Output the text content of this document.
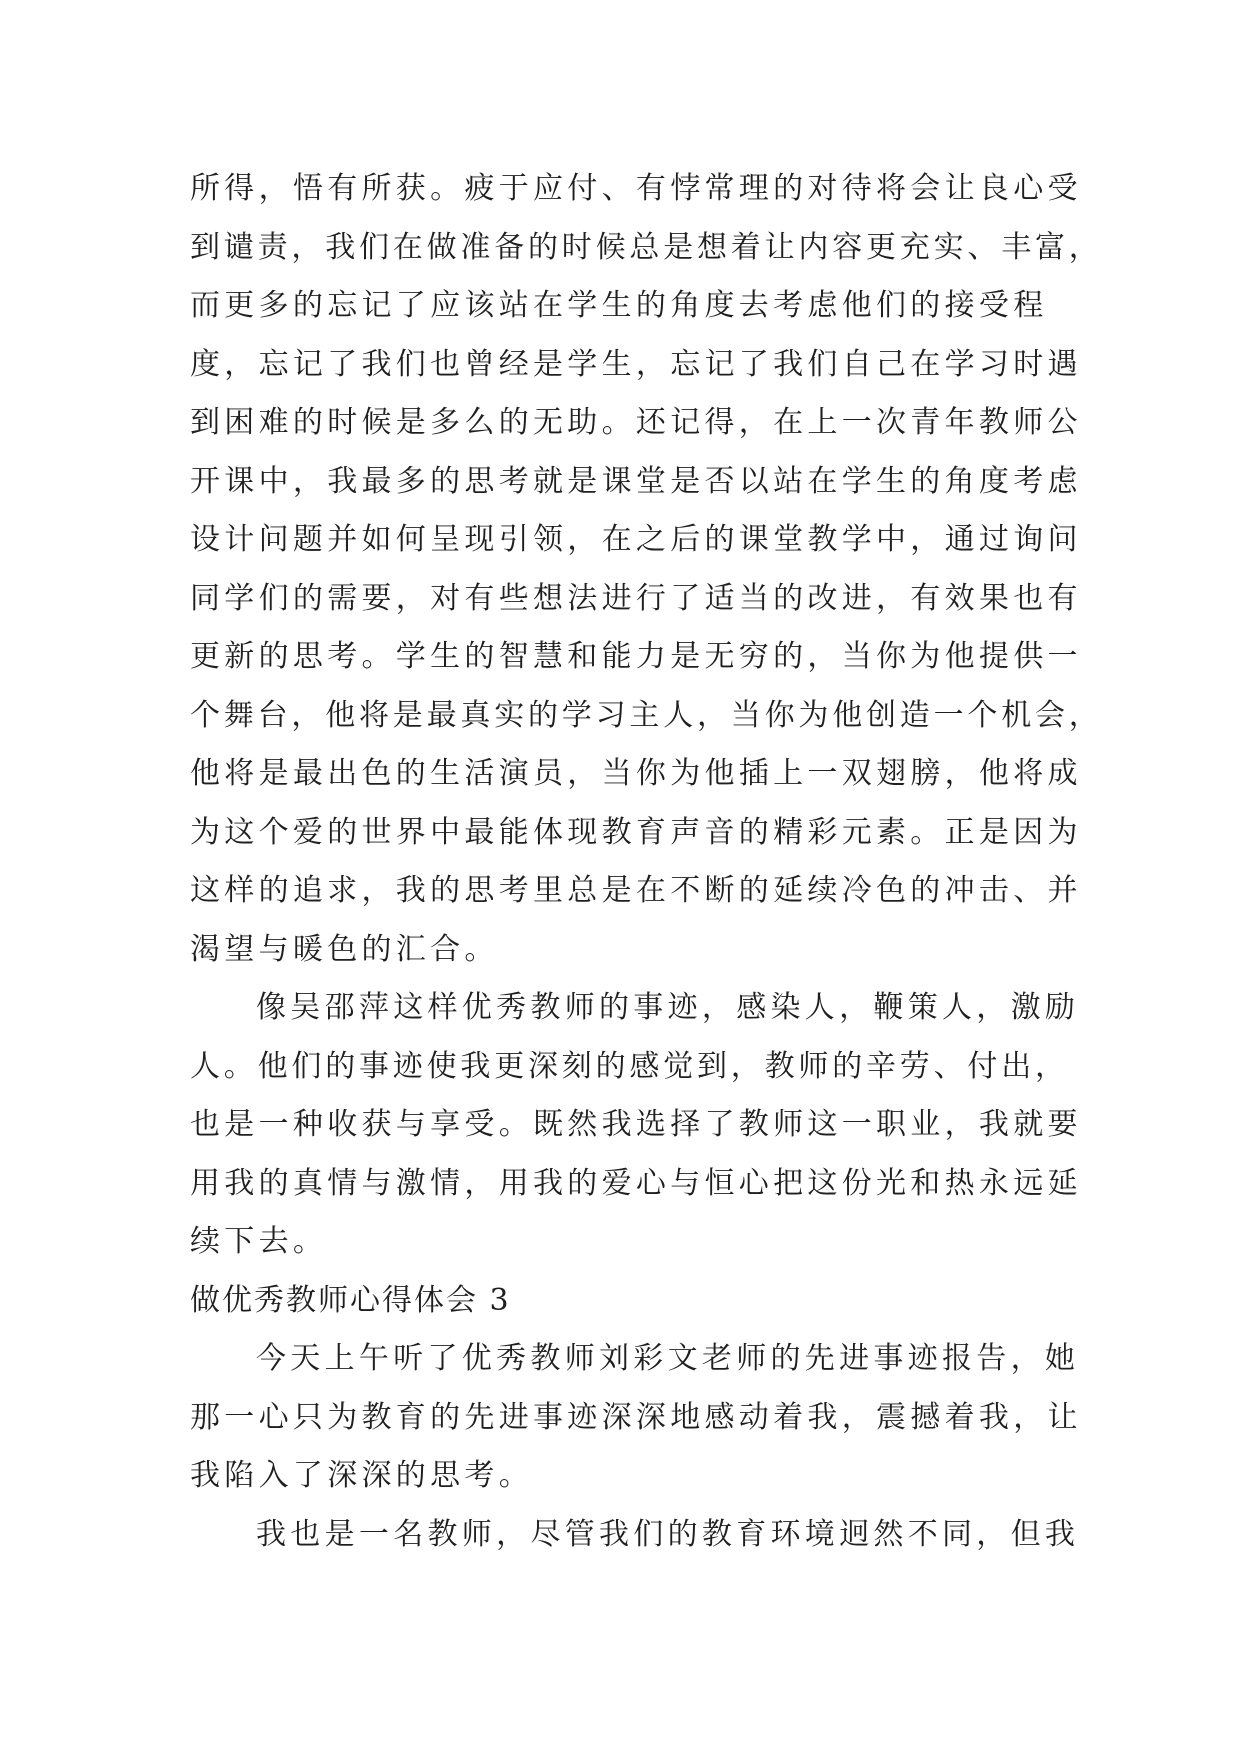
所得，悟有所获。疲于应付、有悖常理的对待将会让良心受
到谴责，我们在做准备的时候总是想着让内容更充实、丰富，
而更多的忘记了应该站在学生的角度去考虑他们的接受程
度，忘记了我们也曾经是学生，忘记了我们自己在学习时遇
到困难的时候是多么的无助。还记得，在上一次青年教师公
开课中，我最多的思考就是课堂是否以站在学生的角度考虑
设计问题并如何呈现引领，在之后的课堂教学中，通过询问
同学们的需要，对有些想法进行了适当的改进，有效果也有
更新的思考。学生的智慧和能力是无穷的，当你为他提供一
个舞台，他将是最真实的学习主人，当你为他创造一个机会，
他将是最出色的生活演员，当你为他插上一双翅膀，他将成
为这个爱的世界中最能体现教育声音的精彩元素。正是因为
这样的追求，我的思考里总是在不断的延续冷色的冲击、并
渴望与暖色的汇合。
像吴邵萍这样优秀教师的事迹，感染人，鞭策人，激励
人。他们的事迹使我更深刻的感觉到，教师的辛劳、付出，
也是一种收获与享受。既然我选择了教师这一职业，我就要
用我的真情与激情，用我的爱心与恒心把这份光和热永远延
续下去。
做优秀教师心得体会 3
今天上午听了优秀教师刘彩文老师的先进事迹报告，她
那一心只为教育的先进事迹深深地感动着我，震撼着我，让
我陷入了深深的思考。
我也是一名教师，尽管我们的教育环境迥然不同，但我
